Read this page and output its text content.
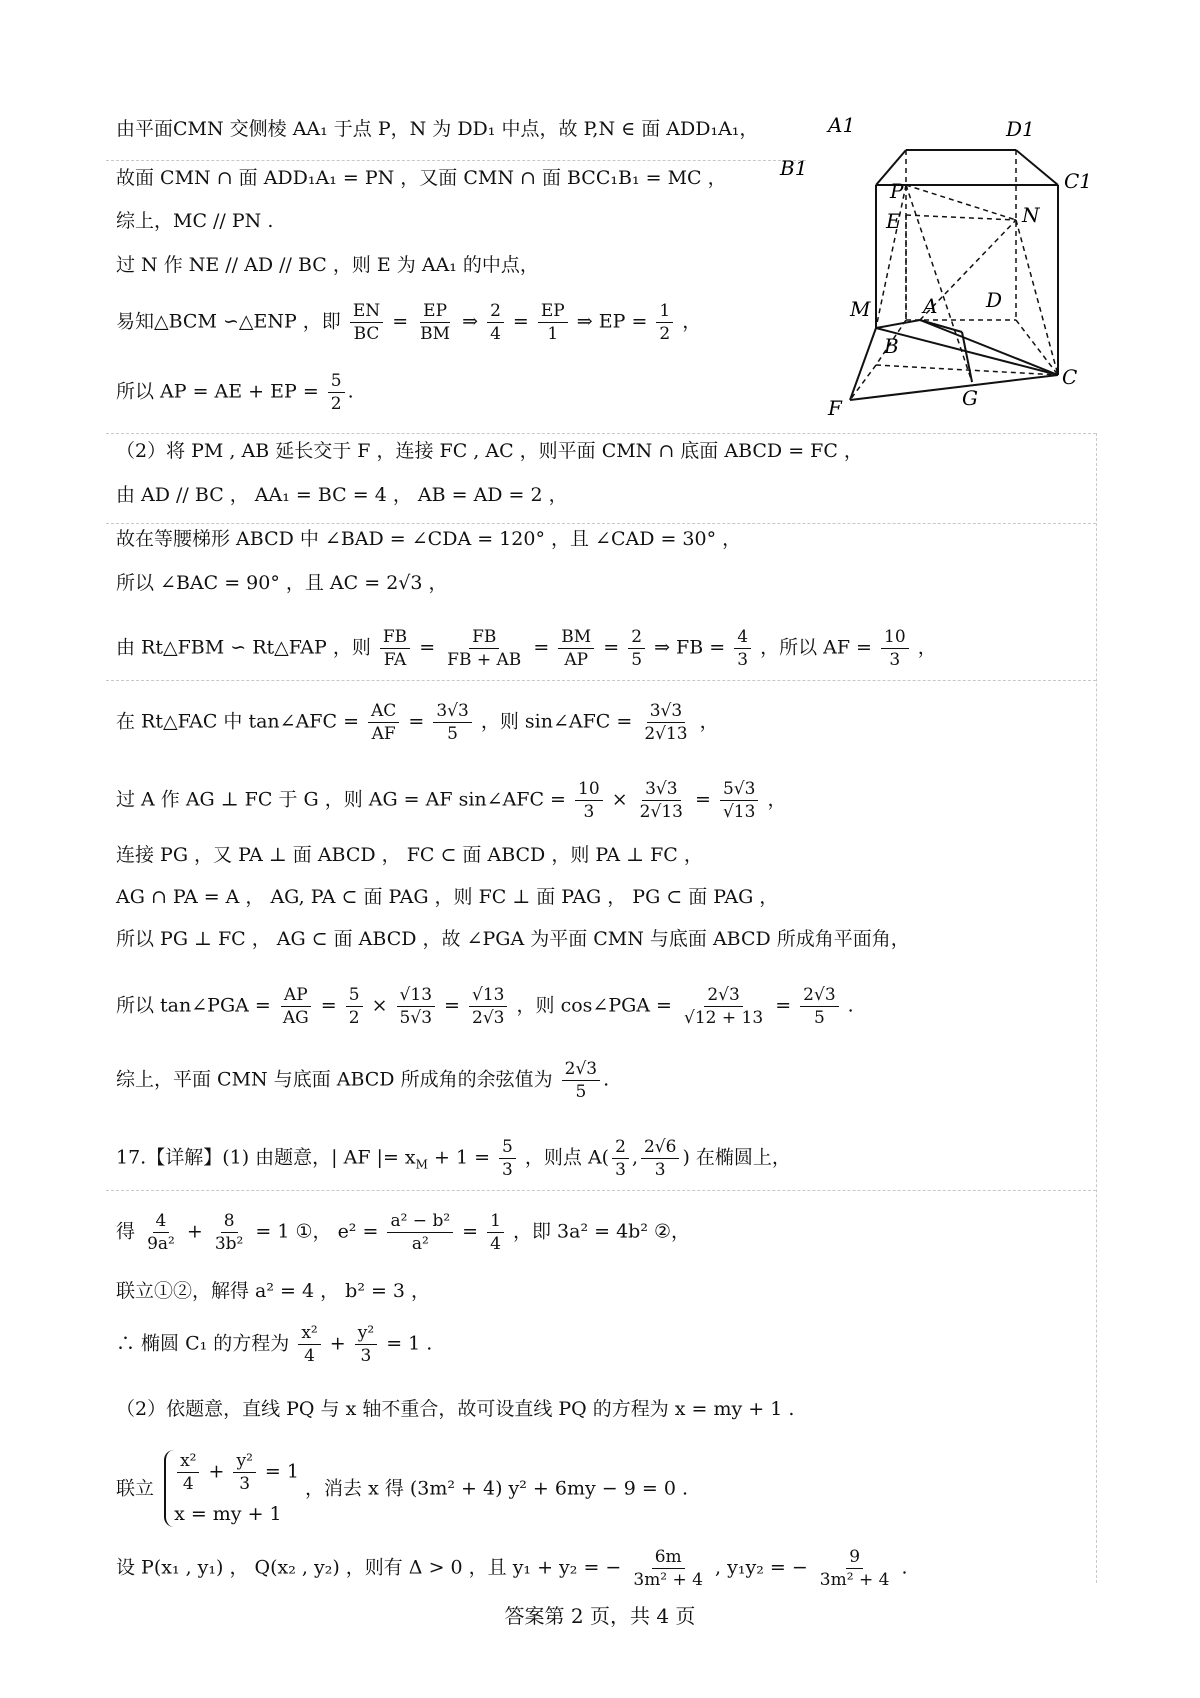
A1	D1
B1
C1
P
E	N
M	A D
B
C
F	G
由平面CMN 交侧棱 AA₁ 于点 P，N 为 DD₁ 中点，故 P,N ∈ 面 ADD₁A₁，
故面 CMN ∩ 面 ADD₁A₁ = PN ，又面 CMN ∩ 面 BCC₁B₁ = MC ，
综上，MC // PN .
过 N 作 NE // AD // BC ，则 E 为 AA₁ 的中点，
易知△BCM ∽△ENP ，即 $\frac{EN}{BC} = \frac{EP}{BM}$ ⇒ $\frac{2}{4} = \frac{EP}{1}$ ⇒ EP = $\frac{1}{2}$ ，
所以 AP = AE + EP = $\frac{5}{2}$ .
（2）将 PM , AB 延长交于 F ，连接 FC , AC ，则平面 CMN ∩ 底面 ABCD = FC ，
由 AD // BC ， AA₁ = BC = 4 ， AB = AD = 2 ，
故在等腰梯形 ABCD 中 ∠BAD = ∠CDA = 120° ，且 ∠CAD = 30° ，
所以 ∠BAC = 90° ，且 AC = 2√3 ，
由 Rt△FBM ∽ Rt△FAP ，则 $\frac{FB}{FA} = \frac{FB}{FB + AB} = \frac{BM}{AP} = \frac{2}{5}$ ⇒ FB = $\frac{4}{3}$ ，所以 AF = $\frac{10}{3}$ ，
在 Rt△FAC 中 tan∠AFC = $\frac{AC}{AF} = \frac{3√3}{5}$ ，则 sin∠AFC = $\frac{3√3}{2√13}$ ，
过 A 作 AG ⊥ FC 于 G ，则 AG = AF sin∠AFC = $\frac{10}{3} \times \frac{3√3}{2√13} = \frac{5√3}{√13}$ ，
连接 PG ，又 PA ⊥ 面 ABCD ， FC ⊂ 面 ABCD ，则 PA ⊥ FC ，
AG ∩ PA = A ， AG, PA ⊂ 面 PAG ，则 FC ⊥ 面 PAG ， PG ⊂ 面 PAG ，
所以 PG ⊥ FC ， AG ⊂ 面 ABCD ，故 ∠PGA 为平面 CMN 与底面 ABCD 所成角平面角，
所以 tan∠PGA = $\frac{AP}{AG} = \frac{5}{2} \times \frac{√13}{5√3} = \frac{√13}{2√3}$ ，则 cos∠PGA = $\frac{2√3}{√12 + 13} = \frac{2√3}{5}$ .
综上，平面 CMN 与底面 ABCD 所成角的余弦值为 $\frac{2√3}{5}$ .
17.【详解】(1) 由题意，| AF |= $x_M + 1 = \frac{5}{3}$ ，则点 $A( \frac{2}{3}$ , $\frac{2√6}{3}$ ) 在椭圆上，
得 $\frac{4}{\text{9a²}} + \frac{8}{\text{3b²}} = 1$ ①， $e^2 = \frac{\text{a² − b²}}{\text{a²}} = \frac{1}{4}$ ，即 3a² = 4b² ②，
联立①②，解得 a² = 4 ， b² = 3 ，
∴ 椭圆 C₁ 的方程为 $\frac{\text{x²}}{4} + \frac{\text{y²}}{3} = 1$ .
（2）依题意，直线 PQ 与 x 轴不重合，故可设直线 PQ 的方程为 x = my + 1 .
联立 $\frac{\text{x²}}{4} + \frac{\text{y²}}{3} = 1$
x = my + 1
，消去 x 得 (3m² + 4) y² + 6my − 9 = 0 .
设 P(x₁ , y₁) ， Q(x₂ , y₂) ，则有 Δ > 0 ，且 y₁ + y₂ = − $\frac{6m}{\text{3m² + 4}}$ , y₁y₂ = − $\frac{9}{\text{3m² + 4}}$ .
答案第 2 页，共 4 页
